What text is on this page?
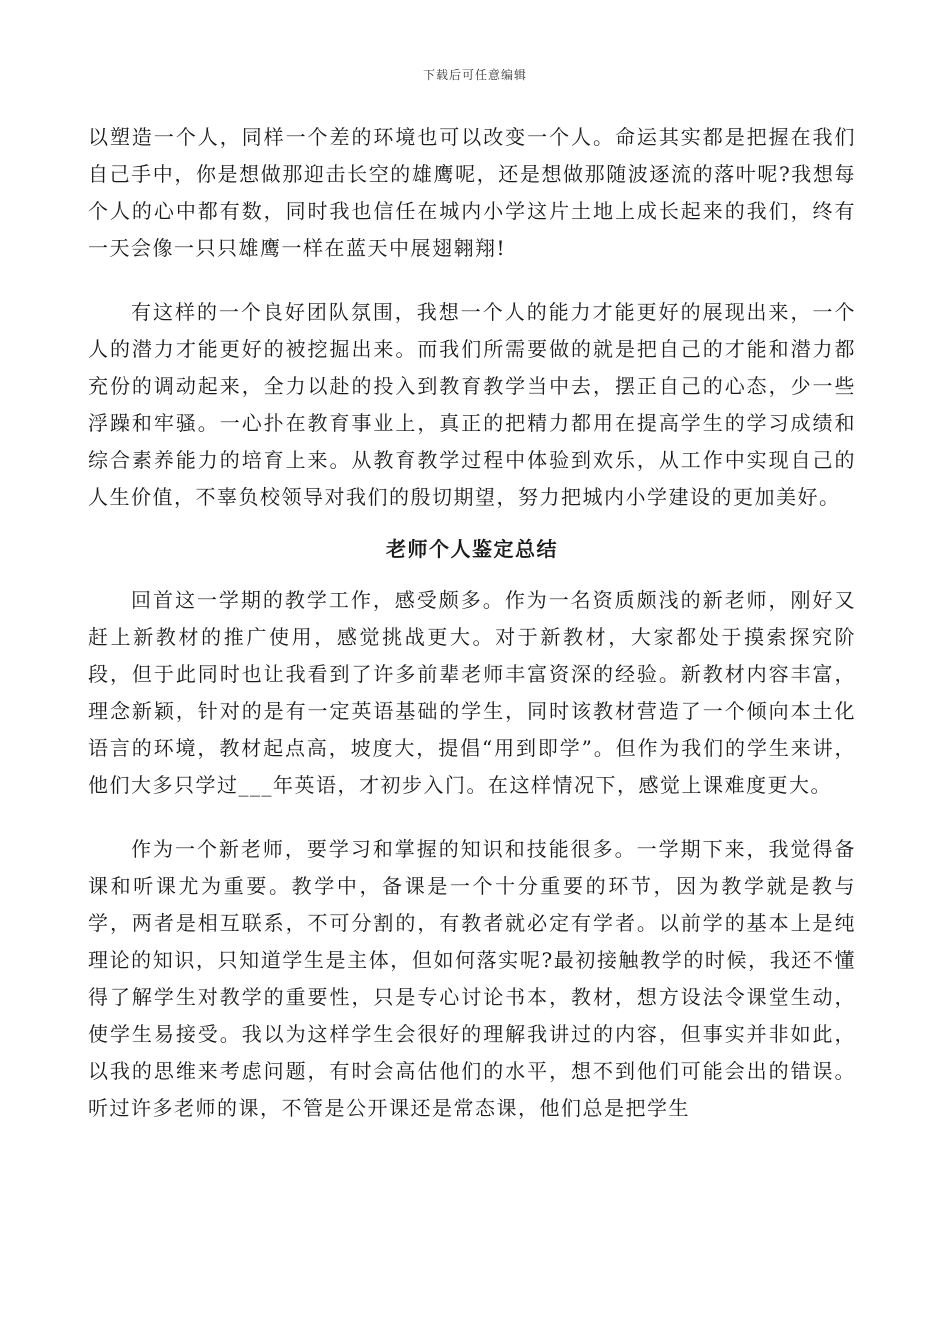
下载后可任意编辑

以塑造一个人，同样一个差的环境也可以改变一个人。命运其实都是把握在我们自己手中，你是想做那迎击长空的雄鹰呢，还是想做那随波逐流的落叶呢?我想每个人的心中都有数，同时我也信任在城内小学这片土地上成长起来的我们，终有一天会像一只只雄鹰一样在蓝天中展翅翱翔!

有这样的一个良好团队氛围，我想一个人的能力才能更好的展现出来，一个人的潜力才能更好的被挖掘出来。而我们所需要做的就是把自己的才能和潜力都充份的调动起来，全力以赴的投入到教育教学当中去，摆正自己的心态，少一些浮躁和牢骚。一心扑在教育事业上，真正的把精力都用在提高学生的学习成绩和综合素养能力的培育上来。从教育教学过程中体验到欢乐，从工作中实现自己的人生价值，不辜负校领导对我们的殷切期望，努力把城内小学建设的更加美好。

老师个人鉴定总结

回首这一学期的教学工作，感受颇多。作为一名资质颇浅的新老师，刚好又赶上新教材的推广使用，感觉挑战更大。对于新教材，大家都处于摸索探究阶段，但于此同时也让我看到了许多前辈老师丰富资深的经验。新教材内容丰富，理念新颖，针对的是有一定英语基础的学生，同时该教材营造了一个倾向本土化语言的环境，教材起点高，坡度大，提倡“用到即学”。但作为我们的学生来讲，他们大多只学过___年英语，才初步入门。在这样情况下，感觉上课难度更大。

作为一个新老师，要学习和掌握的知识和技能很多。一学期下来，我觉得备课和听课尤为重要。教学中，备课是一个十分重要的环节，因为教学就是教与学，两者是相互联系，不可分割的，有教者就必定有学者。以前学的基本上是纯理论的知识，只知道学生是主体，但如何落实呢?最初接触教学的时候，我还不懂得了解学生对教学的重要性，只是专心讨论书本，教材，想方设法令课堂生动，使学生易接受。我以为这样学生会很好的理解我讲过的内容，但事实并非如此，以我的思维来考虑问题，有时会高估他们的水平，想不到他们可能会出的错误。听过许多老师的课，不管是公开课还是常态课，他们总是把学生
